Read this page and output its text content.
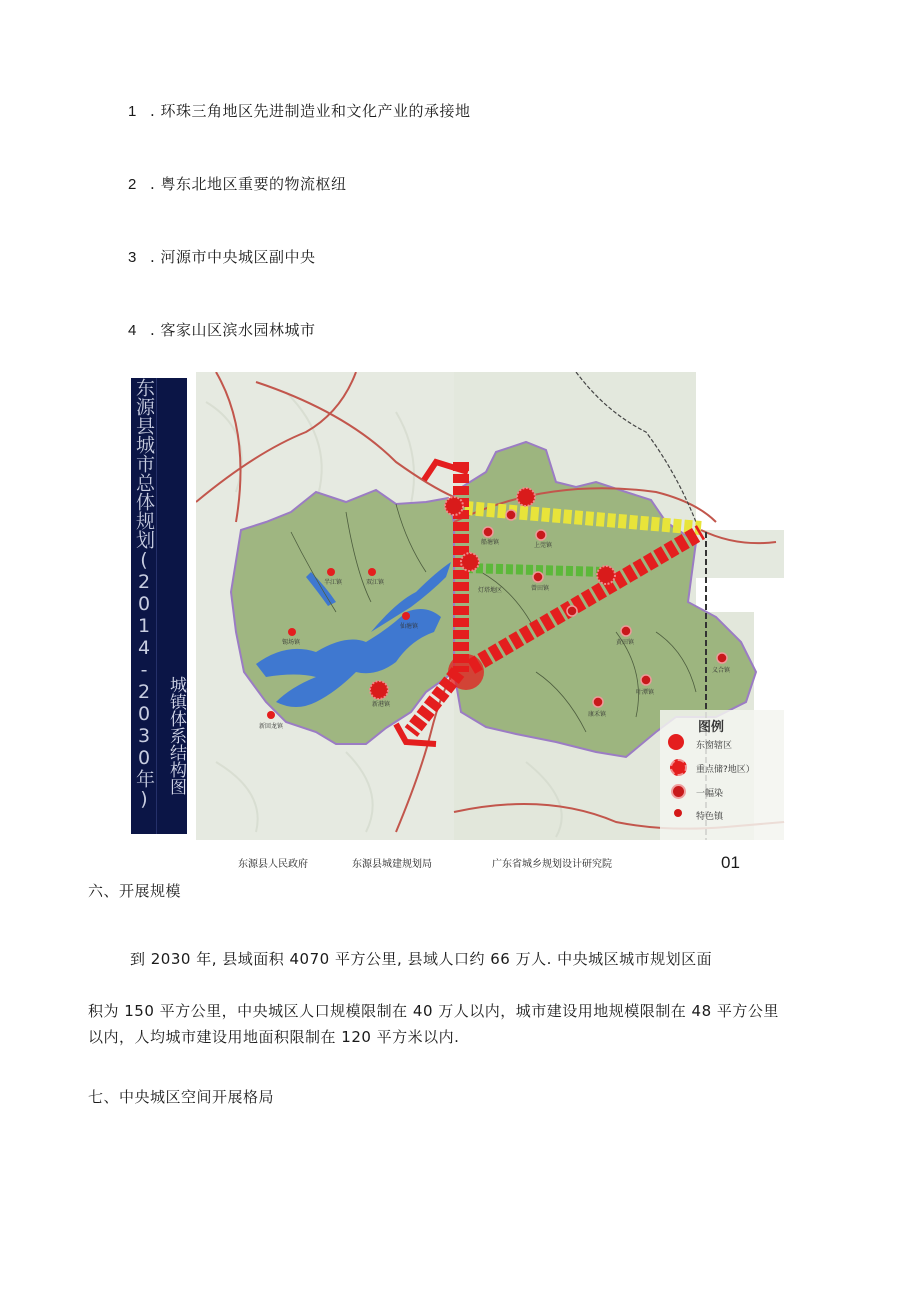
1 . 环珠三角地区先进制造业和文化产业的承接地
2 . 粤东北地区重要的物流枢纽
3 . 河源市中央城区副中央
4 . 客家山区滨水园林城市
东源县城市总体规划(2014-2030年) 城镇体系结构图
半江镇	双江镇
仙塘镇
锡场镇
新回龙镇
新港镇
上莞镇
船塘镇
曾田镇
灯塔地区
黄田镇
叶潭镇
康禾镇
义合镇
图例
东窗辖区
重点储?地区）
一幅染
特色镇
东源县人民政府	东源县城建规划局	广东省城乡规划设计研究院	01
六、开展规模
到 2030 年, 县域面积 4070 平方公里, 县域人口约 66 万人. 中央城区城市规划区面
积为 150 平方公里，中央城区人口规模限制在 40 万人以内，城市建设用地规模限制在 48 平方公里
以内，人均城市建设用地面积限制在 120 平方米以内.
七、中央城区空间开展格局
